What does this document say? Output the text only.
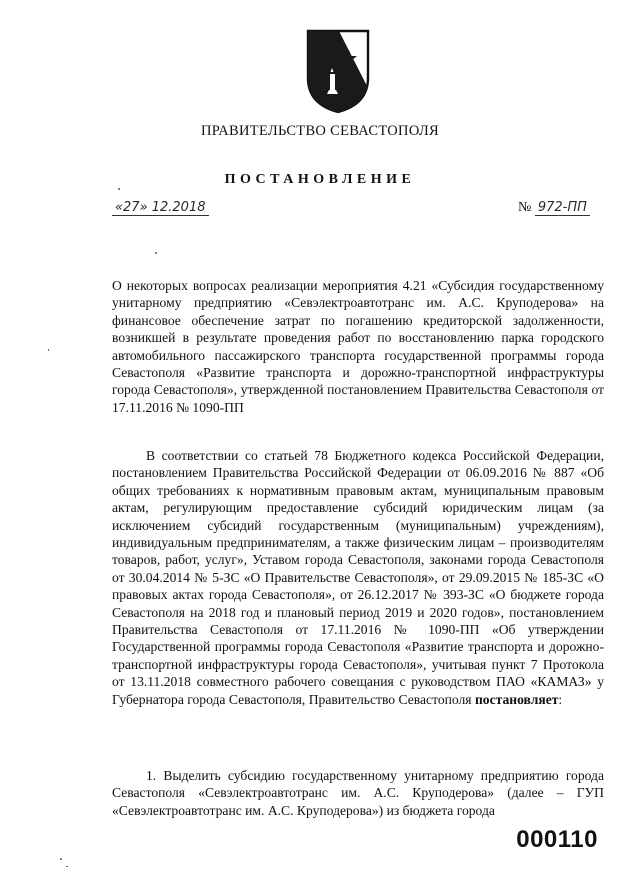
ПРАВИТЕЛЬСТВО СЕВАСТОПОЛЯ
ПОСТАНОВЛЕНИЕ
«27» 12.2018	№ 972-ПП
О некоторых вопросах реализации мероприятия 4.21 «Субсидия государственному унитарному предприятию «Севэлектроавтотранс им. А.С. Круподерова» на финансовое обеспечение затрат по погашению кредиторской задолженности, возникшей в результате проведения работ по восстановлению парка городского автомобильного пассажирского транспорта государственной программы города Севастополя «Развитие транспорта и дорожно-транспортной инфраструктуры города Севастополя», утвержденной постановлением Правительства Севастополя от 17.11.2016 № 1090-ПП
В соответствии со статьей 78 Бюджетного кодекса Российской Федерации, постановлением Правительства Российской Федерации от 06.09.2016 № 887 «Об общих требованиях к нормативным правовым актам, муниципальным правовым актам, регулирующим предоставление субсидий юридическим лицам (за исключением субсидий государственным (муниципальным) учреждениям), индивидуальным предпринимателям, а также физическим лицам – производителям товаров, работ, услуг», Уставом города Севастополя, законами города Севастополя от 30.04.2014 № 5-ЗС «О Правительстве Севастополя», от 29.09.2015 № 185-ЗС «О правовых актах города Севастополя», от 26.12.2017 № 393-ЗС «О бюджете города Севастополя на 2018 год и плановый период 2019 и 2020 годов», постановлением Правительства Севастополя от 17.11.2016 № 1090-ПП «Об утверждении Государственной программы города Севастополя «Развитие транспорта и дорожно-транспортной инфраструктуры города Севастополя», учитывая пункт 7 Протокола от 13.11.2018 совместного рабочего совещания с руководством ПАО «КАМАЗ» у Губернатора города Севастополя, Правительство Севастополя постановляет:
1. Выделить субсидию государственному унитарному предприятию города Севастополя «Севэлектроавтотранс им. А.С. Круподерова» (далее – ГУП «Севэлектроавтотранс им. А.С. Круподерова») из бюджета города
000110
